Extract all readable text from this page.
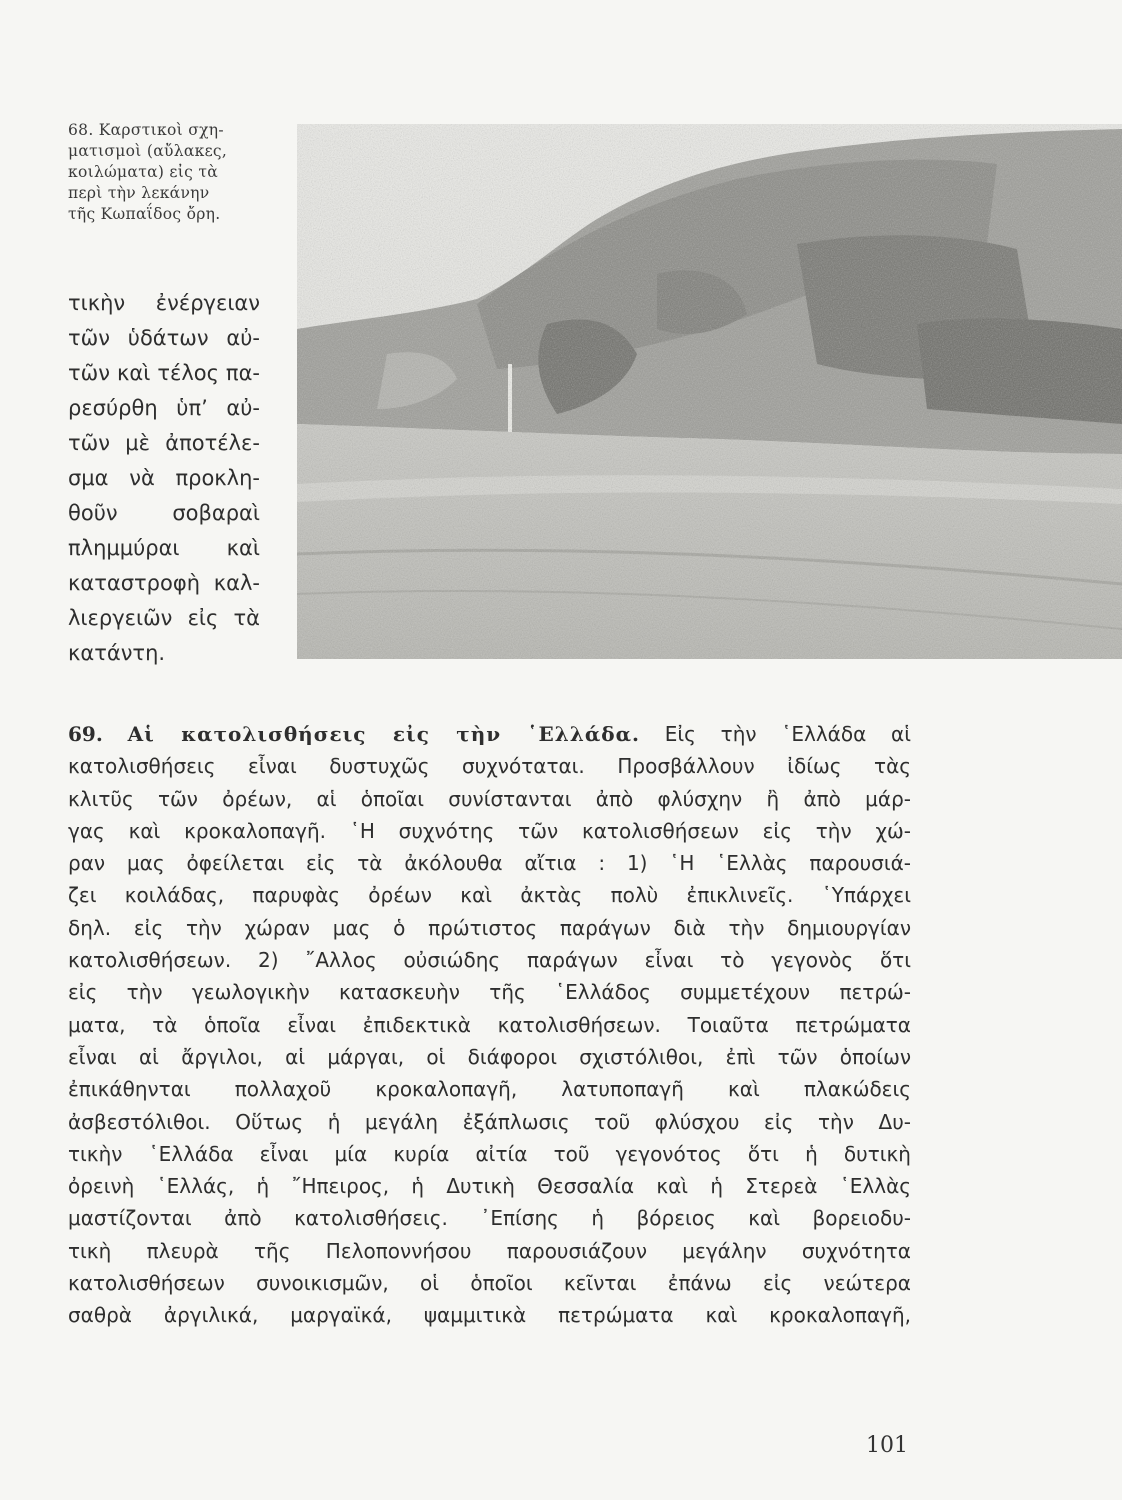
68. Καρστικοὶ σχη-
ματισμοὶ (αὔλακες,
κοιλώματα) εἰς τὰ
περὶ τὴν λεκάνην
τῆς Κωπαΐδος ὄρη.
τικὴν ἐνέργειαν
τῶν ὑδάτων αὐ-
τῶν καὶ τέλος πα-
ρεσύρθη ὑπ’ αὐ-
τῶν μὲ ἀποτέλε-
σμα νὰ προκλη-
θοῦν σοβαραὶ
πλημμύραι καὶ
καταστροφὴ καλ-
λιεργειῶν εἰς τὰ
κατάντη.
69. Αἱ κατολισθήσεις εἰς τὴν ῾Ελλάδα. Εἰς τὴν ῾Ελλάδα αἱ
κατολισθήσεις εἶναι δυστυχῶς συχνόταται. Προσβάλλουν ἰδίως τὰς
κλιτῦς τῶν ὀρέων, αἱ ὁποῖαι συνίστανται ἀπὸ φλύσχην ἢ ἀπὸ μάρ-
γας καὶ κροκαλοπαγῆ. ῾Η συχνότης τῶν κατολισθήσεων εἰς τὴν χώ-
ραν μας ὀφείλεται εἰς τὰ ἀκόλουθα αἴτια : 1) ῾Η ῾Ελλὰς παρουσιά-
ζει κοιλάδας, παρυφὰς ὀρέων καὶ ἀκτὰς πολὺ ἐπικλινεῖς. ῾Υπάρχει
δηλ. εἰς τὴν χώραν μας ὁ πρώτιστος παράγων διὰ τὴν δημιουργίαν
κατολισθήσεων. 2) ῎Αλλος οὐσιώδης παράγων εἶναι τὸ γεγονὸς ὅτι
εἰς τὴν γεωλογικὴν κατασκευὴν τῆς ῾Ελλάδος συμμετέχουν πετρώ-
ματα, τὰ ὁποῖα εἶναι ἐπιδεκτικὰ κατολισθήσεων. Τοιαῦτα πετρώματα
εἶναι αἱ ἄργιλοι, αἱ μάργαι, οἱ διάφοροι σχιστόλιθοι, ἐπὶ τῶν ὁποίων
ἐπικάθηνται πολλαχοῦ κροκαλοπαγῆ, λατυποπαγῆ καὶ πλακώδεις
ἀσβεστόλιθοι. Οὕτως ἡ μεγάλη ἐξάπλωσις τοῦ φλύσχου εἰς τὴν Δυ-
τικὴν ῾Ελλάδα εἶναι μία κυρία αἰτία τοῦ γεγονότος ὅτι ἡ δυτικὴ
ὀρεινὴ ῾Ελλάς, ἡ ῎Ηπειρος, ἡ Δυτικὴ Θεσσαλία καὶ ἡ Στερεὰ ῾Ελλὰς
μαστίζονται ἀπὸ κατολισθήσεις. ᾿Επίσης ἡ βόρειος καὶ βορειοδυ-
τικὴ πλευρὰ τῆς Πελοποννήσου παρουσιάζουν μεγάλην συχνότητα
κατολισθήσεων συνοικισμῶν, οἱ ὁποῖοι κεῖνται ἐπάνω εἰς νεώτερα
σαθρὰ ἀργιλικά, μαργαϊκά, ψαμμιτικὰ πετρώματα καὶ κροκαλοπαγῆ,
101
